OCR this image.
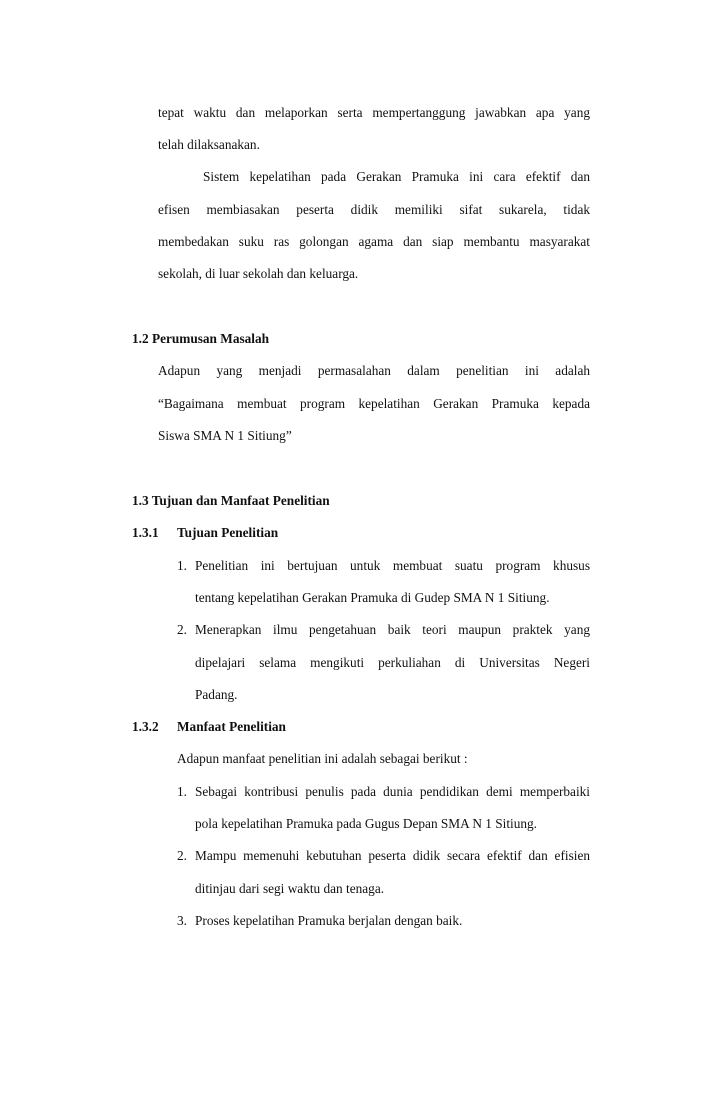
tepat waktu dan melaporkan serta mempertanggung jawabkan apa yang
telah dilaksanakan.
Sistem kepelatihan pada Gerakan Pramuka ini cara efektif dan
efisen membiasakan peserta didik memiliki sifat sukarela, tidak
membedakan suku ras golongan agama dan siap membantu masyarakat
sekolah, di luar sekolah dan keluarga.
1.2 Perumusan Masalah
Adapun yang menjadi permasalahan dalam penelitian ini adalah
“Bagaimana membuat program kepelatihan Gerakan Pramuka kepada
Siswa SMA N 1 Sitiung”
1.3 Tujuan dan Manfaat Penelitian
1.3.1 Tujuan Penelitian
1. Penelitian ini bertujuan untuk membuat suatu program khusus
tentang kepelatihan Gerakan Pramuka di Gudep SMA N 1 Sitiung.
2. Menerapkan ilmu pengetahuan baik teori maupun praktek yang
dipelajari selama mengikuti perkuliahan di Universitas Negeri
Padang.
1.3.2 Manfaat Penelitian
Adapun manfaat penelitian ini adalah sebagai berikut :
1. Sebagai kontribusi penulis pada dunia pendidikan demi memperbaiki
pola kepelatihan Pramuka pada Gugus Depan SMA N 1 Sitiung.
2. Mampu memenuhi kebutuhan peserta didik secara efektif dan efisien
ditinjau dari segi waktu dan tenaga.
3. Proses kepelatihan Pramuka berjalan dengan baik.
